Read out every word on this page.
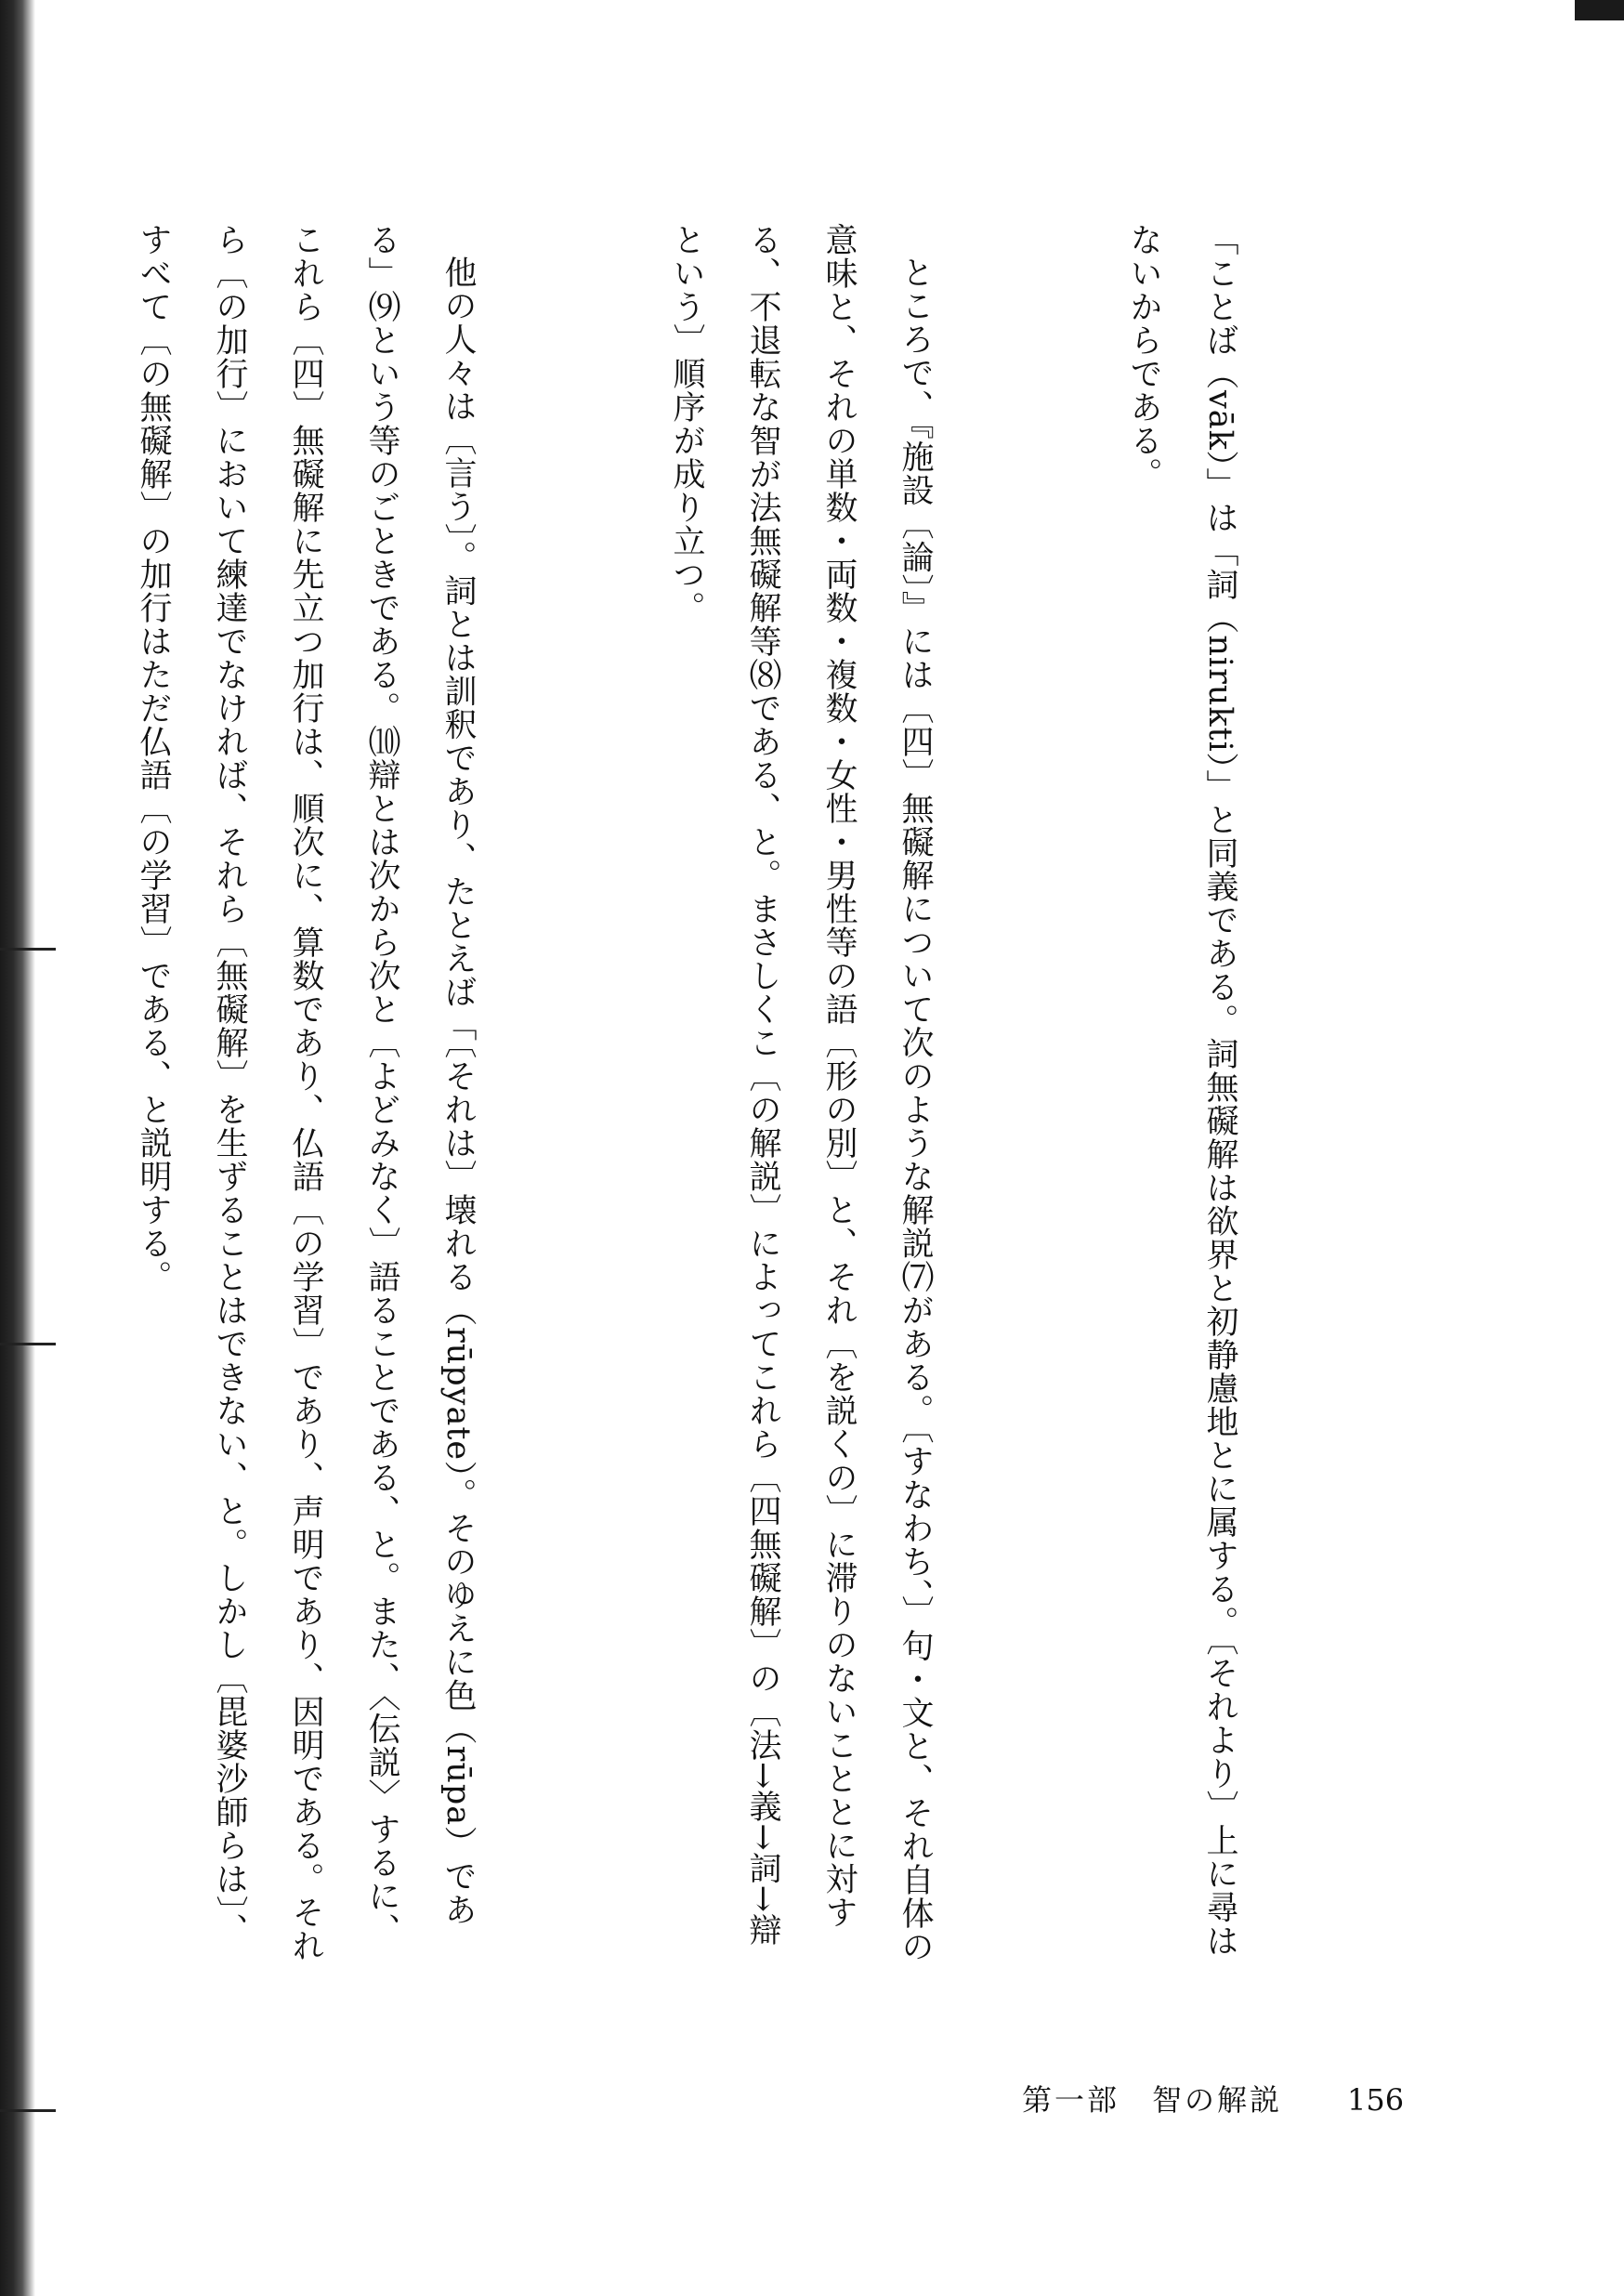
「ことば（vāk）」は「詞（nirukti）」と同義である。詞無礙解は欲界と初静慮地とに属する。〔それより〕上に尋はないからである。

ところで、『施設〔論〕』には〔四〕無礙解について次のような解説⑺がある。〔すなわち、〕句・文と、それ自体の意味と、それの単数・両数・複数・女性・男性等の語〔形の別〕と、それ〔を説くの〕に滞りのないこととに対する、不退転な智が法無礙解等⑻である、と。まさしくこ〔の解説〕によってこれら〔四無礙解〕の〔法→義→詞→辯という〕順序が成り立つ。

他の人々は〔言う〕。詞とは訓釈であり、たとえば「〔それは〕壊れる（rūpyate）。そのゆえに色（rūpa）である」⑼という等のごときである。⑽辯とは次から次と〔よどみなく〕語ることである、と。また、〈伝説〉するに、これら〔四〕無礙解に先立つ加行は、順次に、算数であり、仏語〔の学習〕であり、声明であり、因明である。それら〔の加行〕において練達でなければ、それら〔無礙解〕を生ずることはできない、と。しかし〔毘婆沙師らは〕、すべて〔の無礙解〕の加行はただ仏語〔の学習〕である、と説明する。

第一部　智の解説 156
